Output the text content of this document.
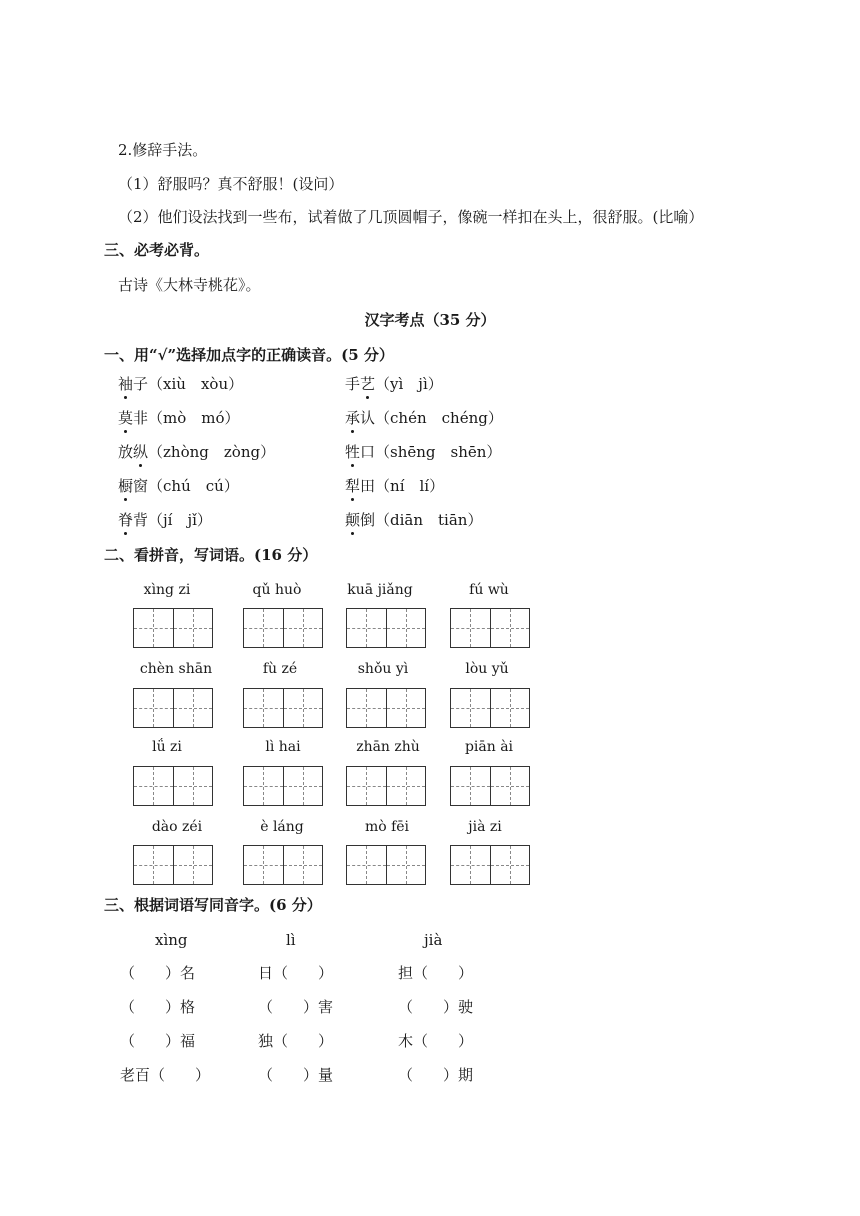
2.修辞手法。
（1）舒服吗？真不舒服！(设问）
（2）他们设法找到一些布，试着做了几顶圆帽子，像碗一样扣在头上，很舒服。(比喻）
三、必考必背。
古诗《大林寺桃花》。
汉字考点（35 分）
一、用“√”选择加点字的正确读音。(5 分）
袖子（xiù　xòu）	手艺（yì　jì）
莫非（mò　mó）	承认（chén　chéng）
放纵（zhòng　zòng）	牲口（shēng　shēn）
橱窗（chú　cú）	犁田（ní　lí）
脊背（jí　jǐ）	颠倒（diān　tiān）
二、看拼音，写词语。(16 分）
xìng zi	qǔ huò	kuā jiǎng	fú wù
chèn shān	fù zé	shǒu yì	lòu yǔ
lǘ zi	lì hai	zhān zhù	piān ài
dào zéi	è láng	mò fēi	jià zi
三、根据词语写同音字。(6 分）
xìng	lì	jià
（　　）名	日（　　）	担（　　）
（　　）格	（　　）害	（　　）驶
（　　）福	独（　　）	木（　　）
老百（　　）	（　　）量	（　　）期
